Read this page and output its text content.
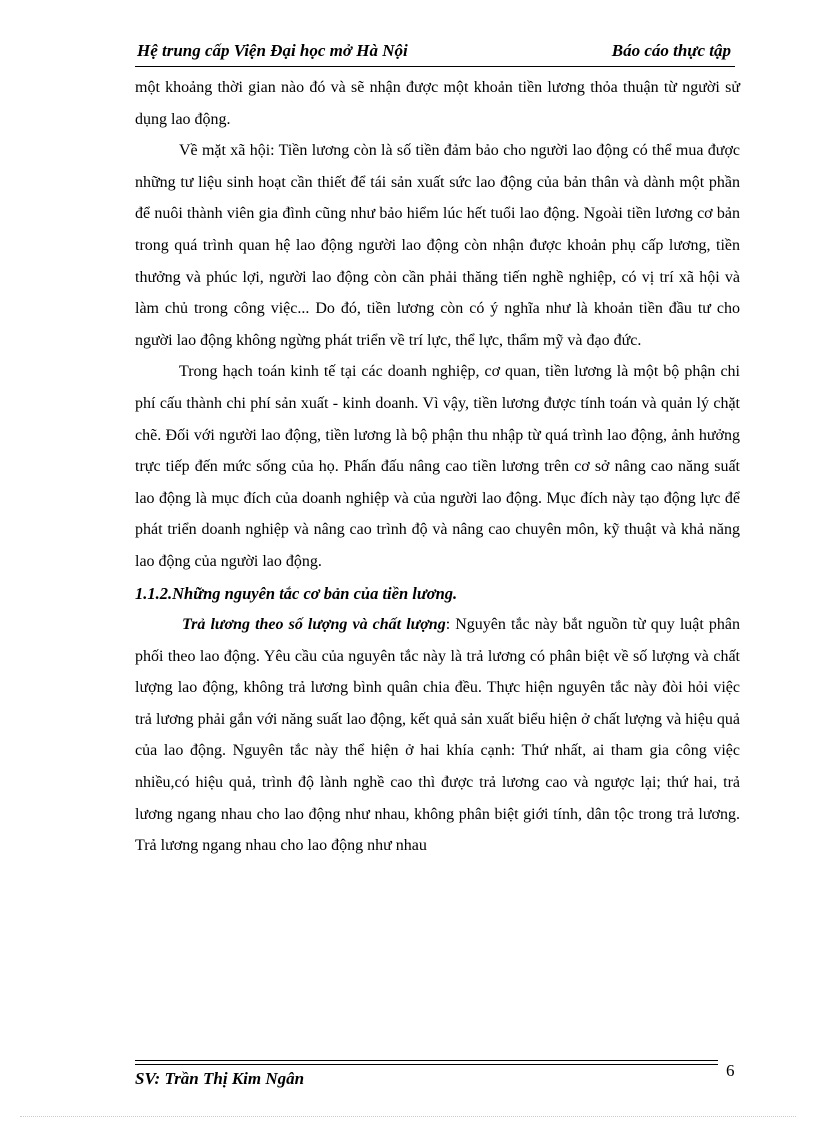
Hệ trung cấp Viện Đại học mở Hà Nội	Báo cáo thực tập

một khoảng thời gian nào đó và sẽ nhận được một khoản tiền lương thỏa thuận từ người sử dụng lao động.

Về mặt xã hội: Tiền lương còn là số tiền đảm bảo cho người lao động có thể mua được những tư liệu sinh hoạt cần thiết để tái sản xuất sức lao động của bản thân và dành một phần để nuôi thành viên gia đình cũng như bảo hiểm lúc hết tuổi lao động. Ngoài tiền lương cơ bản trong quá trình quan hệ lao động người lao động còn nhận được khoản phụ cấp lương, tiền thưởng và phúc lợi, người lao động còn cần phải thăng tiến nghề nghiệp, có vị trí xã hội và làm chủ trong công việc... Do đó, tiền lương còn có ý nghĩa như là khoản tiền đầu tư cho người lao động không ngừng phát triển về trí lực, thể lực, thẩm mỹ và đạo đức.

Trong hạch toán kinh tế tại các doanh nghiệp, cơ quan, tiền lương là một bộ phận chi phí cấu thành chi phí sản xuất - kinh doanh. Vì vậy, tiền lương được tính toán và quản lý chặt chẽ. Đối với người lao động, tiền lương là bộ phận thu nhập từ quá trình lao động, ảnh hưởng trực tiếp đến mức sống của họ. Phấn đấu nâng cao tiền lương trên cơ sở nâng cao năng suất lao động là mục đích của doanh nghiệp và của người lao động. Mục đích này tạo động lực để phát triển doanh nghiệp và nâng cao trình độ và nâng cao chuyên môn, kỹ thuật và khả năng lao động của người lao động.

1.1.2.Những nguyên tắc cơ bản của tiền lương.

Trả lương theo số lượng và chất lượng: Nguyên tắc này bắt nguồn từ quy luật phân phối theo lao động. Yêu cầu của nguyên tắc này là trả lương có phân biệt về số lượng và chất lượng lao động, không trả lương bình quân chia đều. Thực hiện nguyên tắc này đòi hỏi việc trả lương phải gắn với năng suất lao động, kết quả sản xuất biểu hiện ở chất lượng và hiệu quả của lao động. Nguyên tắc này thể hiện ở hai khía cạnh: Thứ nhất, ai tham gia công việc nhiều,có hiệu quả, trình độ lành nghề cao thì được trả lương cao và ngược lại; thứ hai, trả lương ngang nhau cho lao động như nhau, không phân biệt giới tính, dân tộc trong trả lương. Trả lương ngang nhau cho lao động như nhau

SV: Trần Thị Kim Ngân	6
